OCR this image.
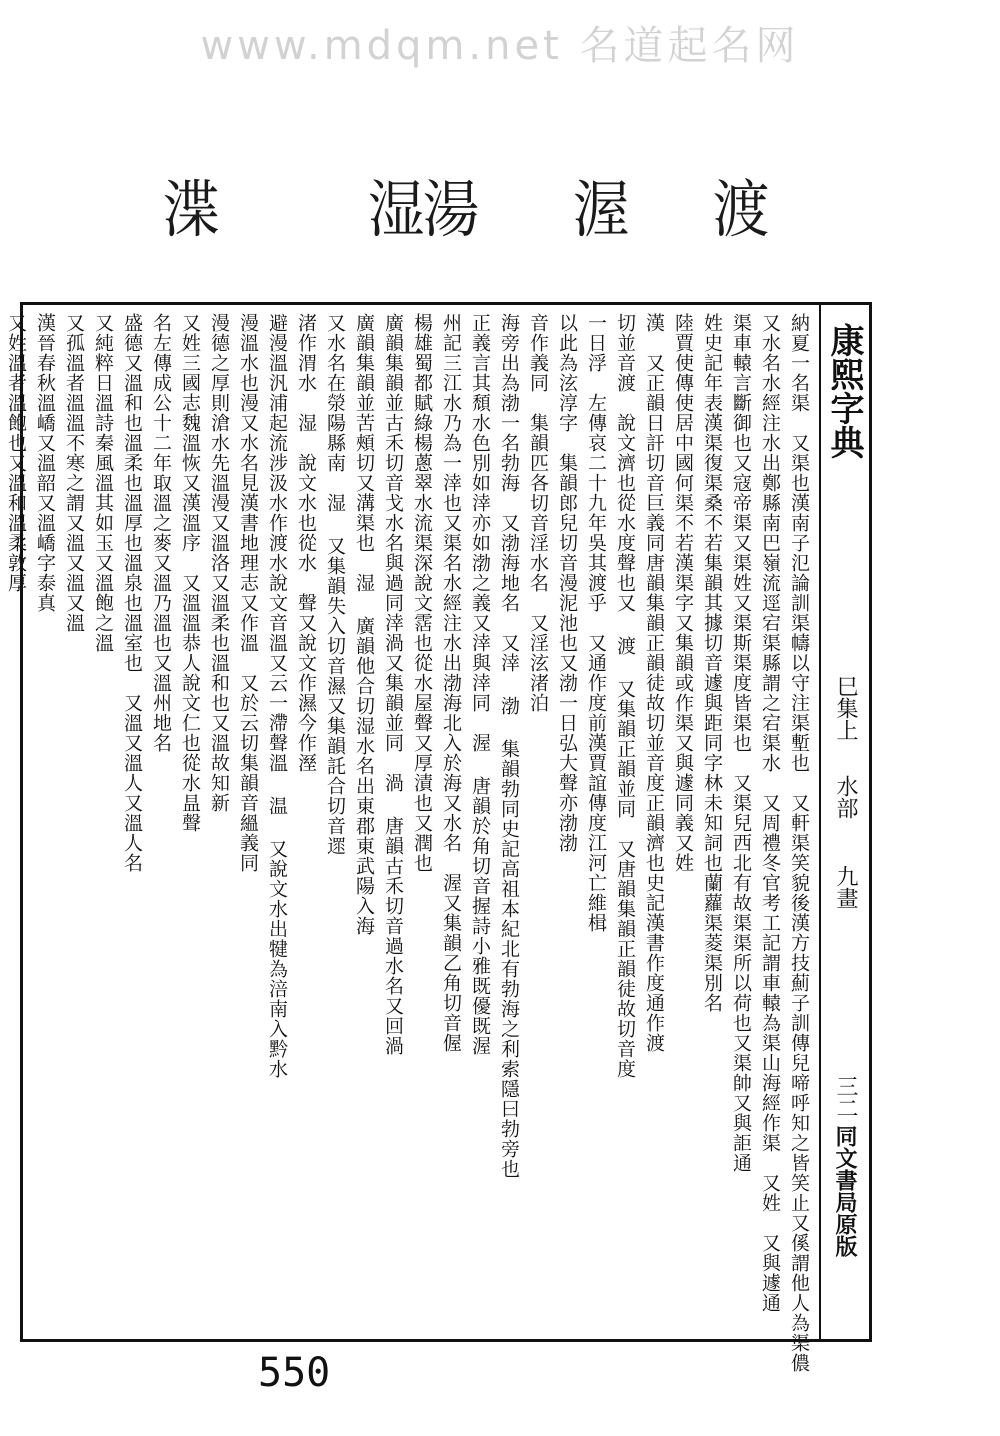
www.mdqm.net 名道起名网
渫 湿
湯 渥 渡
康熙字典
巳集上
水部
九畫
三二
同文書局原版
納夏一名渠　又渠也漢南子氾論訓渠幬以守注渠塹也　又軒渠笑貌後漢方技薊子訓傳兒啼呼知之皆笑止又傒謂他人為渠儂
又水名水經注水出鄭縣南巴嶺流逕宕渠縣謂之宕渠水　又周禮冬官考工記謂車轅為渠山海經作渠　又姓　又與遽通
渠車轅言斷御也又寇帝渠又渠姓又渠斯渠度皆渠也　又渠兒西北有故渠渠所以荷也又渠帥又與詎通
姓史記年表漢渠復渠桑不若集韻其據切音遽與距同字林未知詞也蘭蘿渠菱渠別名
陸賈使傳使居中國何渠不若漢渠字又集韻或作渠又與遽同義又姓
漢　又正韻日訐切音巨義同唐韻集韻正韻徒故切並音度正韻濟也史記漢書作度通作渡
切並音渡　說文濟也從水度聲也又 渡 又集韻正韻並同　又唐韻集韻正韻徒故切音度
一日浮　左傳哀二十九年吳其渡乎　又通作度前漢賈誼傳度江河亡維楫
以此為泫淳字　集韻郎兒切音漫泥池也又渤一日弘大聲亦渤渤
音作義同　集韻匹各切音淫水名　又淫泫渚泊
海旁出為渤一名勃海　又渤海地名　又涬 渤 集韻勃同史記高祖本紀北有勃海之利索隱曰勃旁也
正義言其頹水色別如涬亦如渤之義又涬與涬同　渥 唐韻於角切音握詩小雅既優既渥
州記三江水乃為一涬也又渠名水經注水出渤海北入於海又水名　渥又集韻乙角切音偓
楊雄蜀都賦綠楊蔥翠水流渠深說文霑也從水屋聲又厚漬也又潤也
廣韻集韻並古禾切音戈水名與過同涬渦又集韻並同　渦 唐韻古禾切音過水名又回渦
廣韻集韻並苦頰切又溝渠也　湿 廣韻他合切湿水名出東郡東武陽入海
又水名在滎陽縣南　湿 又集韻失入切音濕又集韻託合切音遝
渚作渭水　湿　說文水也從水　聲又說文作濕今作溼
避漫溫汎浦起流涉汲水作渡水說文音溫又云一滯聲溫 温 又說文水出犍為涪南入黔水
漫溫水也漫又水名見漢書地理志又作溫　又於云切集韻音縕義同
漫德之厚則滄水先溫漫又溫洛又溫柔也溫和也又溫故知新
又姓三國志魏溫恢又漢溫序　又溫溫恭人說文仁也從水昷聲
名左傳成公十二年取溫之麥又溫乃溫也又溫州地名
盛德又溫和也溫柔也溫厚也溫泉也溫室也　又溫又溫人又溫人名
又純粹日溫詩秦風溫其如玉又溫飽之溫
又孤溫者溫溫不寒之謂又溫又溫又溫
漢晉春秋溫嶠又溫韶又溫嶠字泰真
又姓溫者溫飽也又溫和溫柔敦厚
550
